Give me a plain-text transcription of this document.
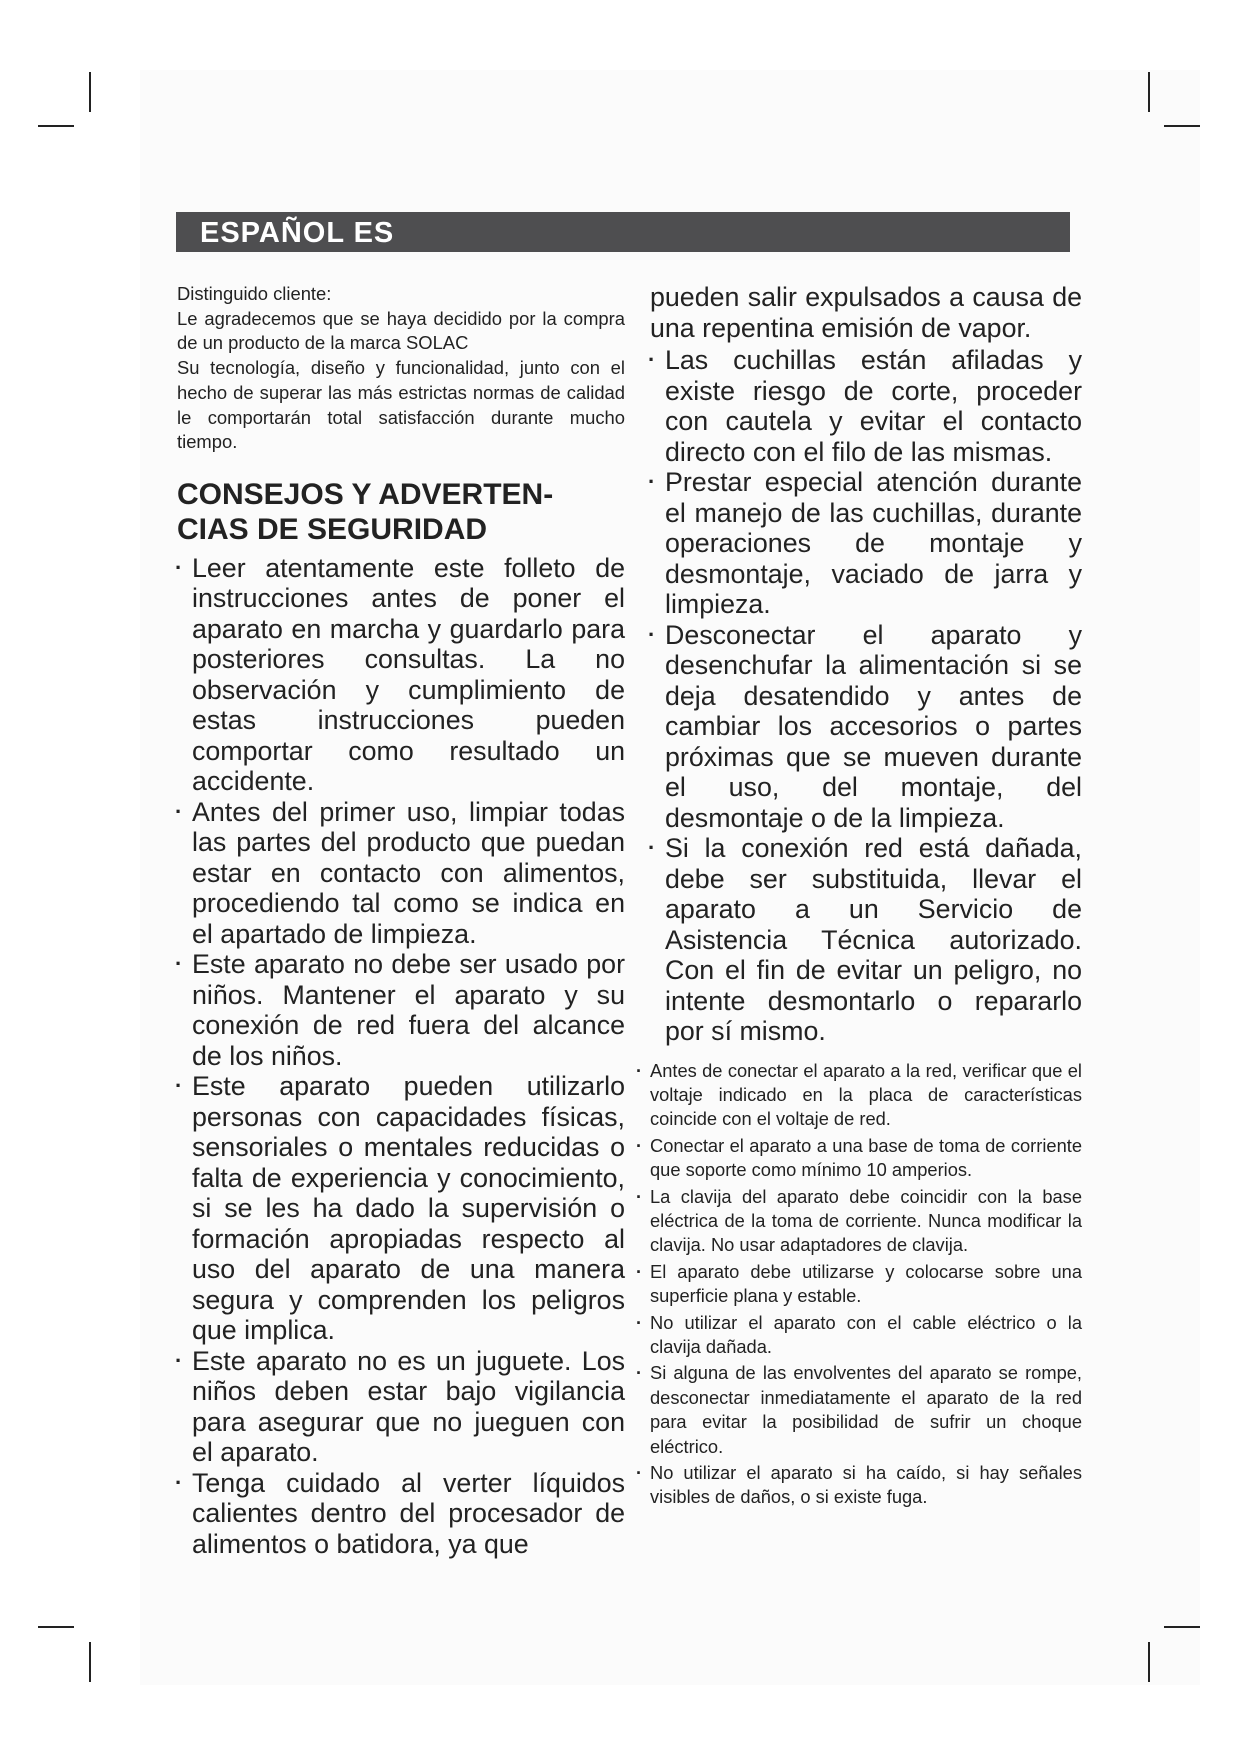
ESPAÑOL ES

Distinguido cliente:

Le agradecemos que se haya decidido por la compra de un producto de la marca SOLAC

Su tecnología, diseño y funcionalidad, junto con el hecho de superar las más estrictas normas de calidad le comportarán total satisfacción durante mucho tiempo.

CONSEJOS Y ADVERTEN-
CIAS DE SEGURIDAD
· Leer atentamente este folleto de instrucciones antes de poner el aparato en marcha y guardarlo para posteriores consultas. La no observación y cumplimiento de estas instrucciones pueden comportar como resultado un accidente.
· Antes del primer uso, limpiar todas las partes del producto que puedan estar en contacto con alimentos, procediendo tal como se indica en el apartado de limpieza.
· Este aparato no debe ser usado por niños. Mantener el aparato y su conexión de red fuera del alcance de los niños.
· Este aparato pueden utilizarlo personas con capacidades físicas, sensoriales o mentales reducidas o falta de experiencia y conocimiento, si se les ha dado la supervisión o formación apropiadas respecto al uso del aparato de una manera segura y comprenden los peligros que implica.
· Este aparato no es un juguete. Los niños deben estar bajo vigilancia para asegurar que no jueguen con el aparato.
· Tenga cuidado al verter líquidos calientes dentro del procesador de alimentos o batidora, ya que

pueden salir expulsados a causa de una repentina emisión de vapor.

· Las cuchillas están afiladas y existe riesgo de corte, proceder con cautela y evitar el contacto directo con el filo de las mismas.
· Prestar especial atención durante el manejo de las cuchillas, durante operaciones de montaje y desmontaje, vaciado de jarra y limpieza.
· Desconectar el aparato y desenchufar la alimentación si se deja desatendido y antes de cambiar los accesorios o partes próximas que se mueven durante el uso, del montaje, del desmontaje o de la limpieza.
· Si la conexión red está dañada, debe ser substituida, llevar el aparato a un Servicio de Asistencia Técnica autorizado. Con el fin de evitar un peligro, no intente desmontarlo o repararlo por sí mismo.
· Antes de conectar el aparato a la red, verificar que el voltaje indicado en la placa de características coincide con el voltaje de red.
· Conectar el aparato a una base de toma de corriente que soporte como mínimo 10 amperios.
· La clavija del aparato debe coincidir con la base eléctrica de la toma de corriente. Nunca modificar la clavija. No usar adaptadores de clavija.
· El aparato debe utilizarse y colocarse sobre una superficie plana y estable.
· No utilizar el aparato con el cable eléctrico o la clavija dañada.
· Si alguna de las envolventes del aparato se rompe, desconectar inmediatamente el aparato de la red para evitar la posibilidad de sufrir un choque eléctrico.
· No utilizar el aparato si ha caído, si hay señales visibles de daños, o si existe fuga.
